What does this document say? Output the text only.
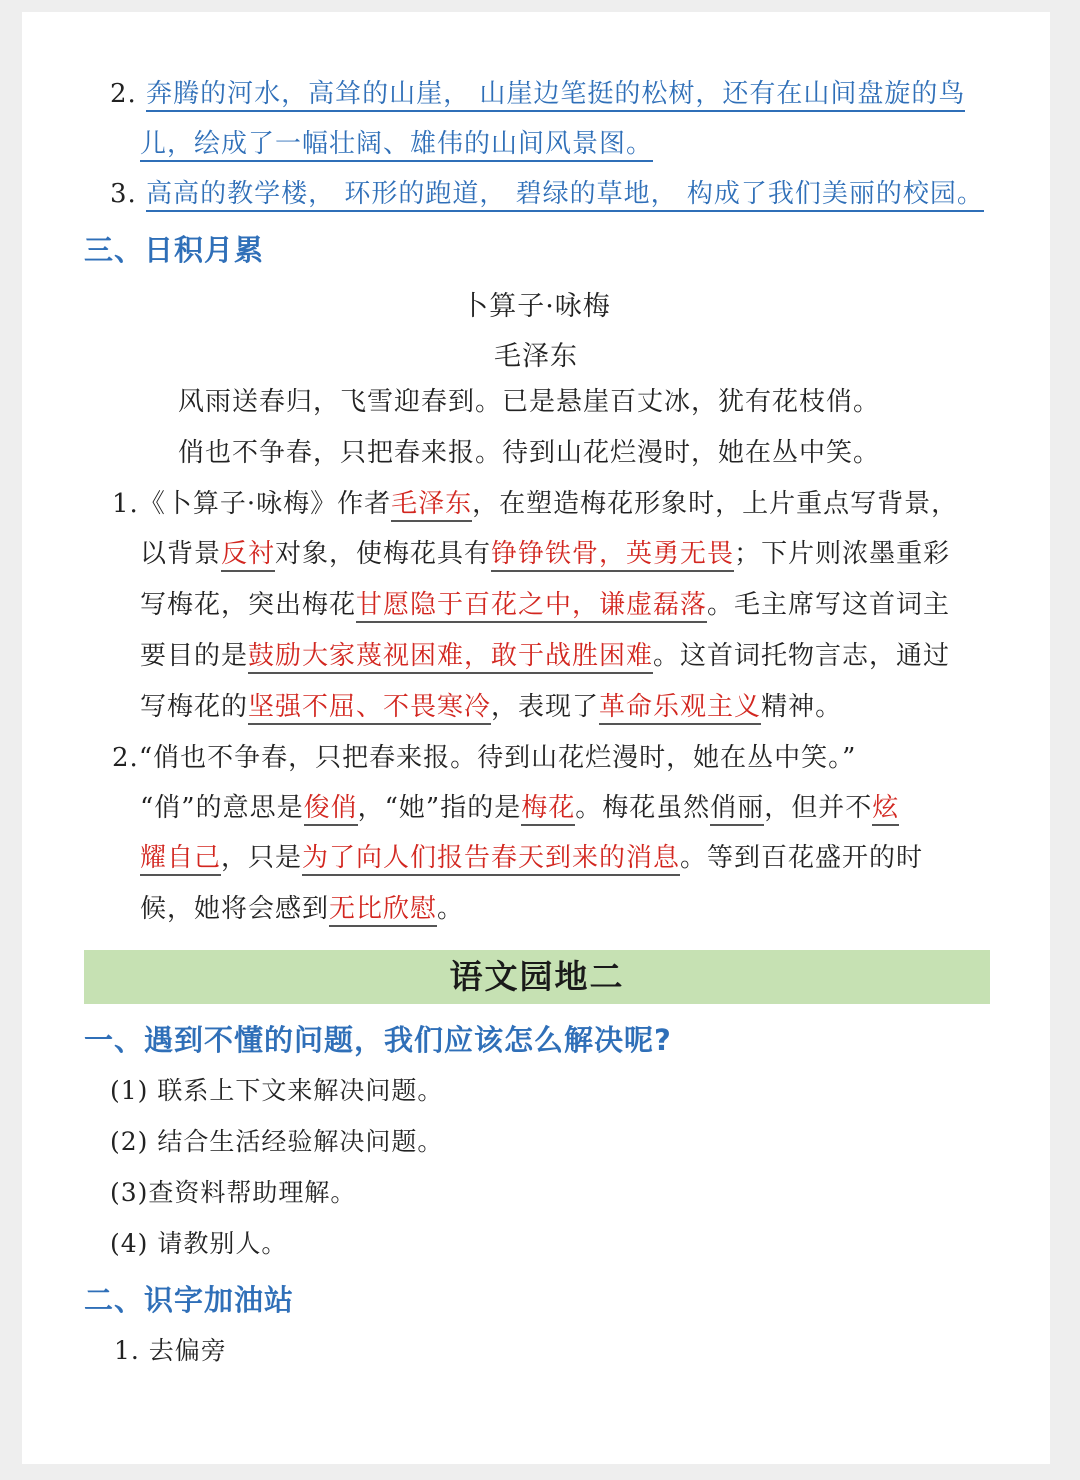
2. 奔腾的河水，高耸的山崖， 山崖边笔挺的松树，还有在山间盘旋的鸟
儿，绘成了一幅壮阔、雄伟的山间风景图。
3. 高高的教学楼， 环形的跑道， 碧绿的草地， 构成了我们美丽的校园。
三、日积月累
卜算子·咏梅
毛泽东
风雨送春归，飞雪迎春到。已是悬崖百丈冰，犹有花枝俏。
俏也不争春，只把春来报。待到山花烂漫时，她在丛中笑。
1.《卜算子·咏梅》作者毛泽东，在塑造梅花形象时，上片重点写背景，
以背景反衬对象，使梅花具有铮铮铁骨，英勇无畏；下片则浓墨重彩
写梅花，突出梅花甘愿隐于百花之中，谦虚磊落。毛主席写这首词主
要目的是鼓励大家蔑视困难，敢于战胜困难。这首词托物言志，通过
写梅花的坚强不屈、不畏寒冷，表现了革命乐观主义精神。
2.“俏也不争春，只把春来报。待到山花烂漫时，她在丛中笑。”
“俏”的意思是俊俏，“她”指的是梅花。梅花虽然俏丽，但并不炫
耀自己，只是为了向人们报告春天到来的消息。等到百花盛开的时
候，她将会感到无比欣慰。
语文园地二
一、遇到不懂的问题，我们应该怎么解决呢?
(1) 联系上下文来解决问题。
(2) 结合生活经验解决问题。
(3)查资料帮助理解。
(4) 请教别人。
二、识字加油站
1. 去偏旁
